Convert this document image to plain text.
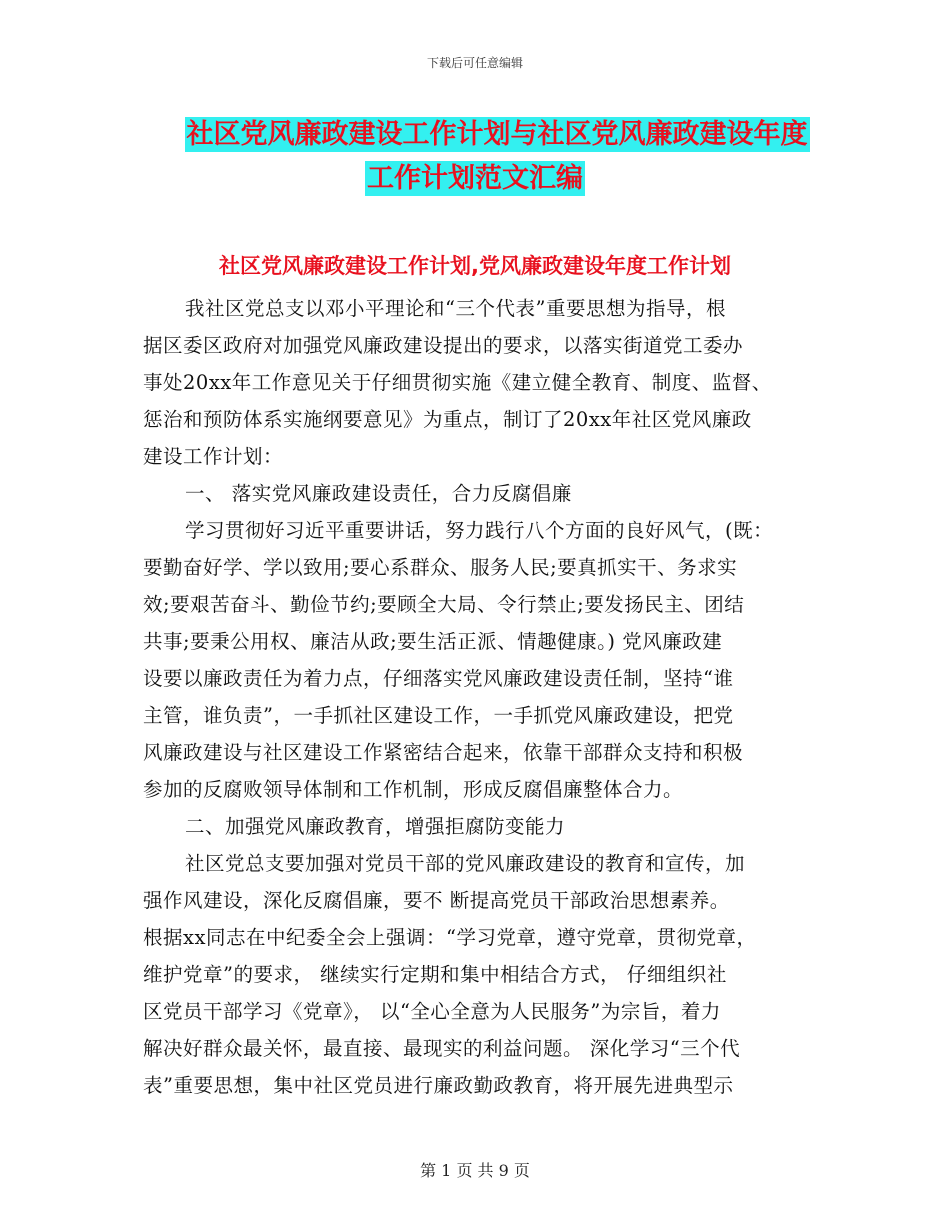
下载后可任意编辑
社区党风廉政建设工作计划与社区党风廉政建设年度
工作计划范文汇编
社区党风廉政建设工作计划,党风廉政建设年度工作计划
我社区党总支以邓小平理论和“三个代表”重要思想为指导，根
据区委区政府对加强党风廉政建设提出的要求，以落实街道党工委办
事处20xx年工作意见关于仔细贯彻实施《建立健全教育、制度、监督、
惩治和预防体系实施纲要意见》为重点，制订了20xx年社区党风廉政
建设工作计划：
一、 落实党风廉政建设责任，合力反腐倡廉
学习贯彻好习近平重要讲话，努力践行八个方面的良好风气，(既：
要勤奋好学、学以致用;要心系群众、服务人民;要真抓实干、务求实
效;要艰苦奋斗、勤俭节约;要顾全大局、令行禁止;要发扬民主、团结
共事;要秉公用权、廉洁从政;要生活正派、情趣健康。) 党风廉政建
设要以廉政责任为着力点，仔细落实党风廉政建设责任制，坚持“谁
主管，谁负责”，一手抓社区建设工作，一手抓党风廉政建设，把党
风廉政建设与社区建设工作紧密结合起来，依靠干部群众支持和积极
参加的反腐败领导体制和工作机制，形成反腐倡廉整体合力。
二、加强党风廉政教育，增强拒腐防变能力
社区党总支要加强对党员干部的党风廉政建设的教育和宣传，加
强作风建设，深化反腐倡廉，要不 断提高党员干部政治思想素养。
根据xx同志在中纪委全会上强调：“学习党章，遵守党章，贯彻党章，
维护党章”的要求， 继续实行定期和集中相结合方式， 仔细组织社
区党员干部学习《党章》， 以“全心全意为人民服务”为宗旨，着力
解决好群众最关怀，最直接、最现实的利益问题。 深化学习“三个代
表”重要思想，集中社区党员进行廉政勤政教育，将开展先进典型示
第 1 页 共 9 页
